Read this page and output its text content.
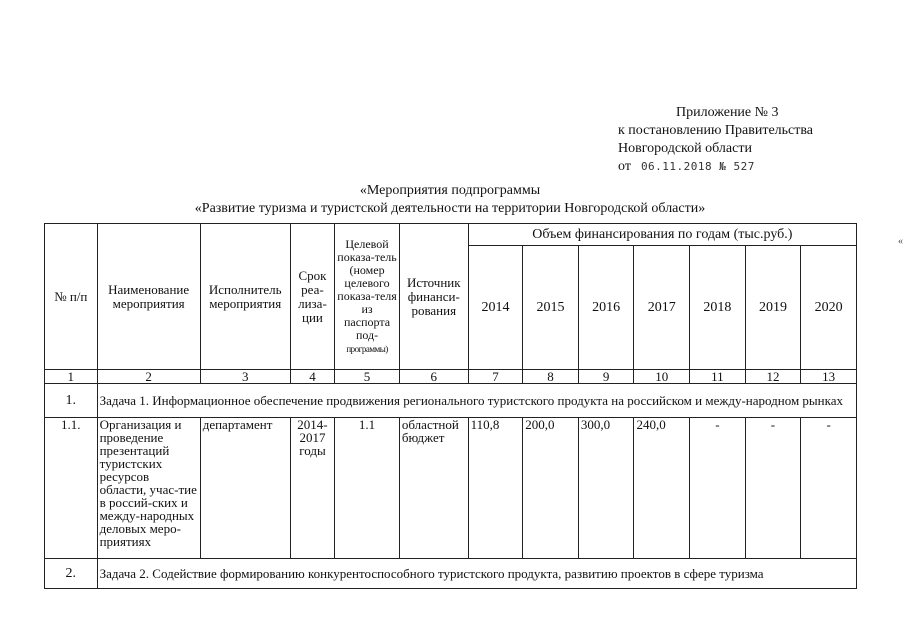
Приложение № 3
к постановлению Правительства
Новгородской области
от 06.11.2018 № 527
«Мероприятия подпрограммы
«Развитие туризма и туристской деятельности на территории Новгородской области»
«
№ п/п	Наименование мероприятия	Исполнитель мероприятия	Срок реа-лиза-ции	Целевой показа-тель (номер целевого показа-теля из паспорта под-
программы)	Источник финанси-рования	Объем финансирования по годам (тыс.руб.)						
						2014	2015	2016	2017	2018	2019	2020
1	2	3	4	5	6	7	8	9	10	11	12	13
1.	Задача 1. Информационное обеспечение продвижения регионального туристского продукта на российском и между-народном рынках											
1.1.	Организация и проведение презентаций туристских ресурсов области, учас-тие в россий-ских и между-народных деловых меро-приятиях	департамент	2014-2017 годы	1.1	областной бюджет	110,8	200,0	300,0	240,0	-	-	-
2.	Задача 2. Содействие формированию конкурентоспособного туристского продукта, развитию проектов в сфере туризма											
